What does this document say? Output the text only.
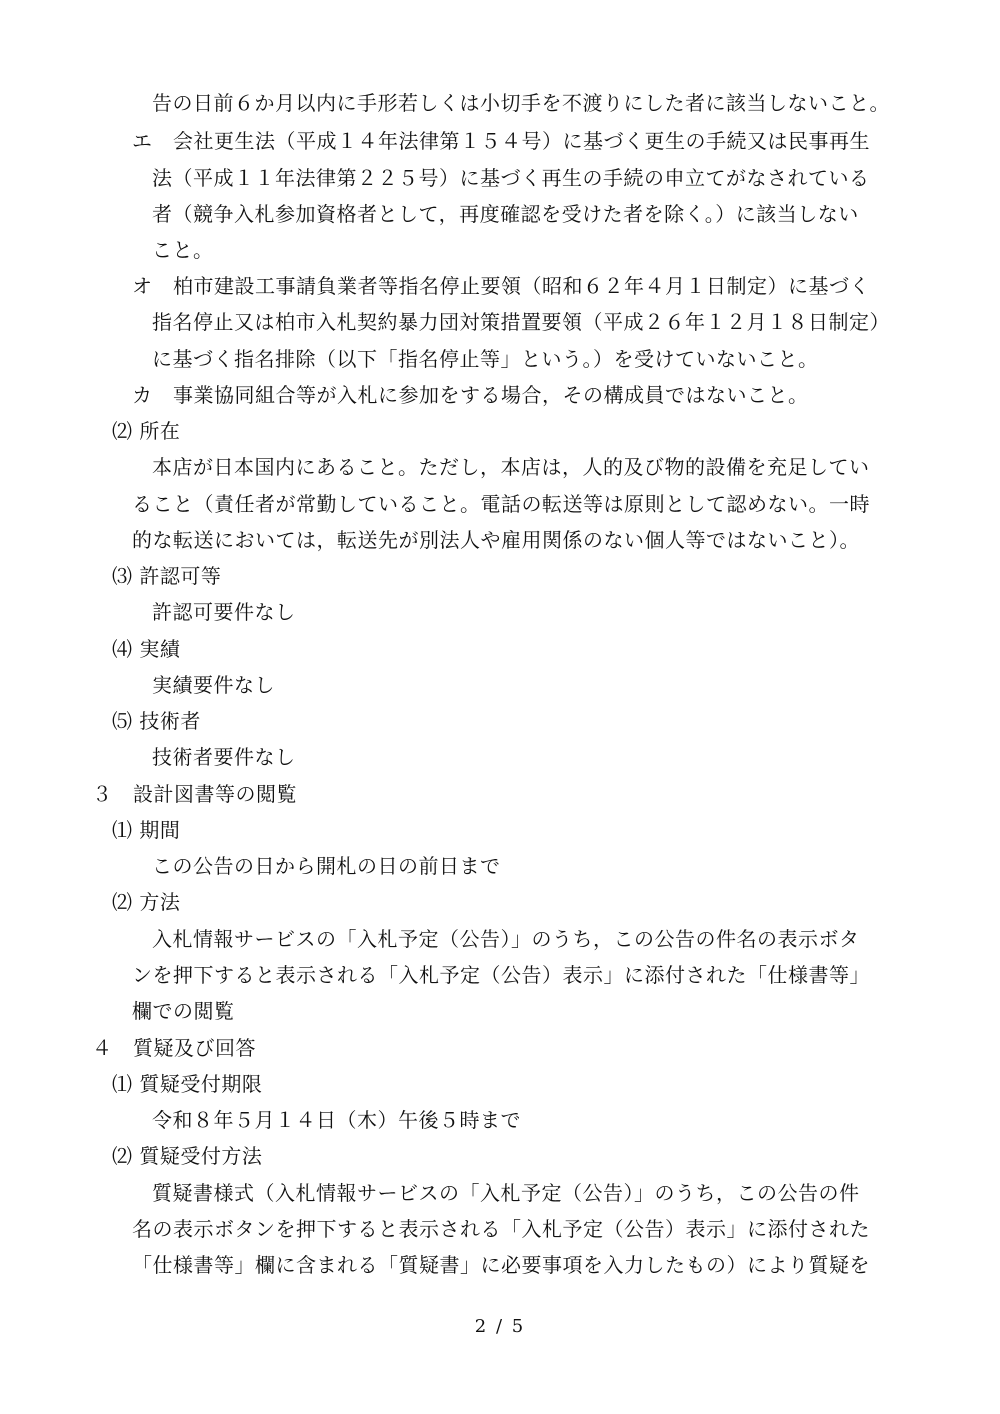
告の日前６か月以内に手形若しくは小切手を不渡りにした者に該当しないこと。
エ　会社更生法（平成１４年法律第１５４号）に基づく更生の手続又は民事再生
法（平成１１年法律第２２５号）に基づく再生の手続の申立てがなされている
者（競争入札参加資格者として，再度確認を受けた者を除く。）に該当しない
こと。
オ　柏市建設工事請負業者等指名停止要領（昭和６２年４月１日制定）に基づく
指名停止又は柏市入札契約暴力団対策措置要領（平成２６年１２月１８日制定）
に基づく指名排除（以下「指名停止等」という。）を受けていないこと。
カ　事業協同組合等が入札に参加をする場合，その構成員ではないこと。
⑵ 所在
本店が日本国内にあること。ただし，本店は，人的及び物的設備を充足してい
ること（責任者が常勤していること。電話の転送等は原則として認めない。一時
的な転送においては，転送先が別法人や雇用関係のない個人等ではないこと）。
⑶ 許認可等
許認可要件なし
⑷ 実績
実績要件なし
⑸ 技術者
技術者要件なし
３　設計図書等の閲覧
⑴ 期間
この公告の日から開札の日の前日まで
⑵ 方法
入札情報サービスの「入札予定（公告）」のうち，この公告の件名の表示ボタ
ンを押下すると表示される「入札予定（公告）表示」に添付された「仕様書等」
欄での閲覧
４　質疑及び回答
⑴ 質疑受付期限
令和８年５月１４日（木）午後５時まで
⑵ 質疑受付方法
質疑書様式（入札情報サービスの「入札予定（公告）」のうち，この公告の件
名の表示ボタンを押下すると表示される「入札予定（公告）表示」に添付された
「仕様書等」欄に含まれる「質疑書」に必要事項を入力したもの）により質疑を
2 / 5
